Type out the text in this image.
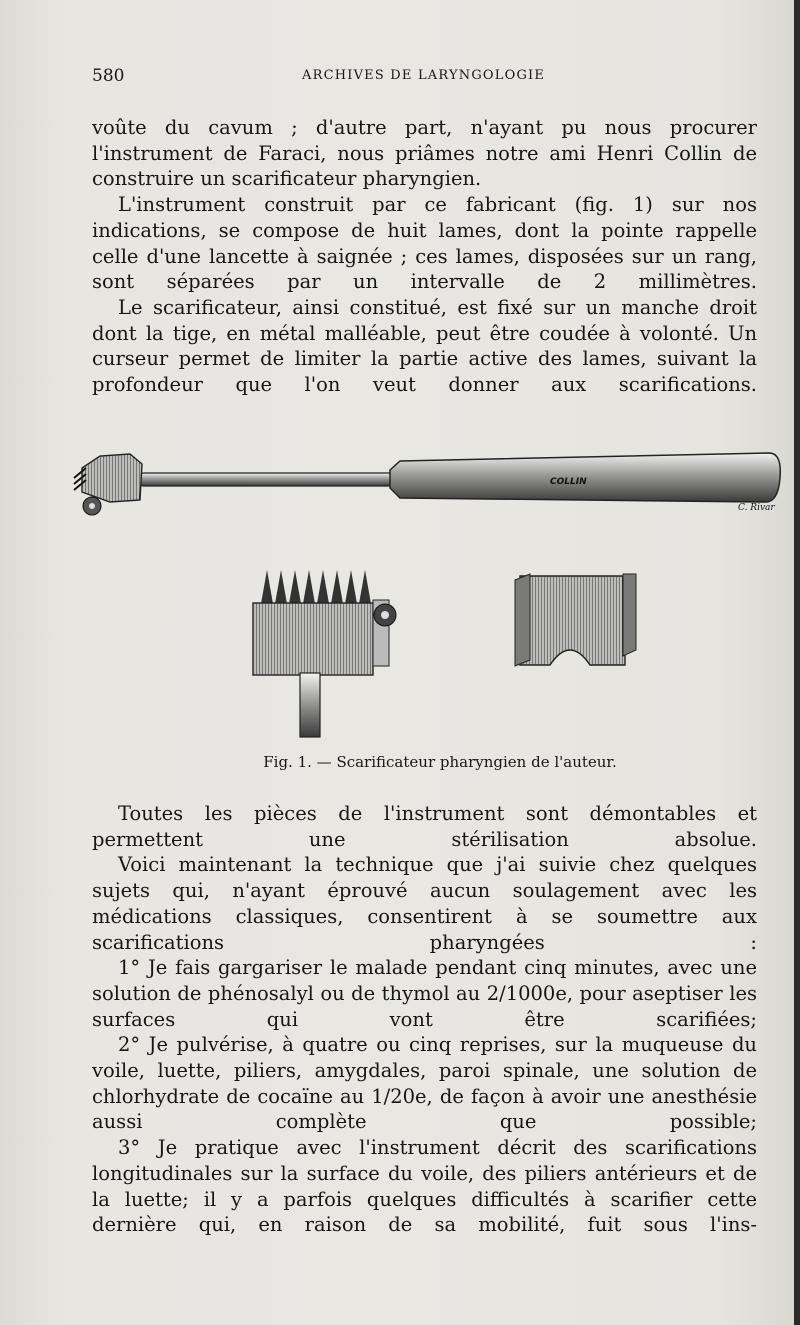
580	ARCHIVES DE LARYNGOLOGIE

voûte du cavum ; d'autre part, n'ayant pu nous procurer l'instrument de Faraci, nous priâmes notre ami Henri Collin de construire un scarificateur pharyngien.

L'instrument construit par ce fabricant (fig. 1) sur nos indications, se compose de huit lames, dont la pointe rappelle celle d'une lancette à saignée ; ces lames, disposées sur un rang, sont séparées par un intervalle de 2 millimètres.

Le scarificateur, ainsi constitué, est fixé sur un manche droit dont la tige, en métal malléable, peut être coudée à volonté. Un curseur permet de limiter la partie active des lames, suivant la profondeur que l'on veut donner aux scarifications.

COLLIN
C. Rivar
Fig. 1. — Scarificateur pharyngien de l'auteur.

Toutes les pièces de l'instrument sont démontables et permettent une stérilisation absolue.

Voici maintenant la technique que j'ai suivie chez quelques sujets qui, n'ayant éprouvé aucun soulagement avec les médications classiques, consentirent à se soumettre aux scarifications pharyngées :

1° Je fais gargariser le malade pendant cinq minutes, avec une solution de phénosalyl ou de thymol au 2/1000e, pour aseptiser les surfaces qui vont être scarifiées;

2° Je pulvérise, à quatre ou cinq reprises, sur la muqueuse du voile, luette, piliers, amygdales, paroi spinale, une solution de chlorhydrate de cocaïne au 1/20e, de façon à avoir une anesthésie aussi complète que possible;

3° Je pratique avec l'instrument décrit des scarifications longitudinales sur la surface du voile, des piliers antérieurs et de la luette; il y a parfois quelques difficultés à scarifier cette dernière qui, en raison de sa mobilité, fuit sous l'ins-
